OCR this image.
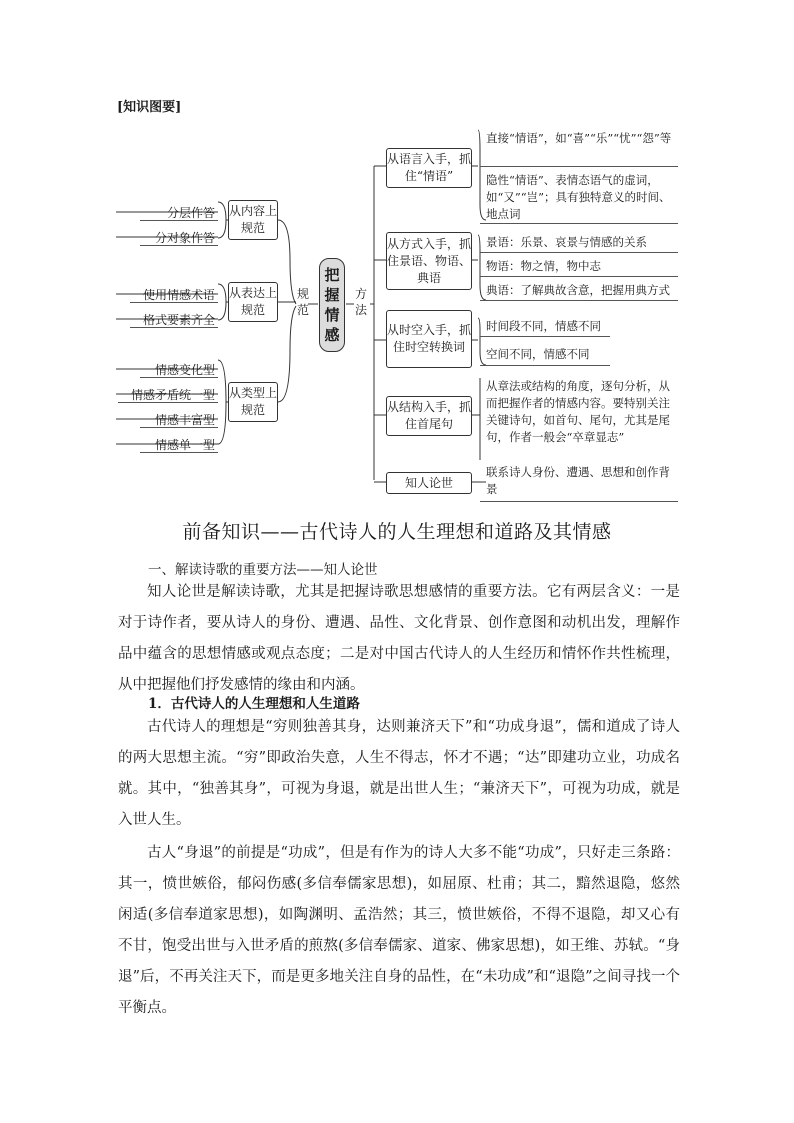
[知识图要]
分层作答
分对象作答
使用情感术语
格式要素齐全
情感变化型
情感矛盾统一型
情感丰富型
情感单一型
从内容上规范
从表达上规范
从类型上规范
规
范
把
握
情
感
方
法
从语言入手，抓住“情语”
从方式入手，抓住景语、物语、典语
从时空入手，抓住时空转换词
从结构入手，抓住首尾句
知人论世
直接“情语”，如“喜”“乐”“忧”“怨”等
隐性“情语”、表情态语气的虚词，如“又”“岂”；具有独特意义的时间、地点词
景语：乐景、哀景与情感的关系
物语：物之情，物中志
典语：了解典故含意，把握用典方式
时间段不同，情感不同
空间不同，情感不同
从章法或结构的角度，逐句分析，从而把握作者的情感内容。要特别关注关键诗句，如首句、尾句，尤其是尾句，作者一般会“卒章显志”
联系诗人身份、遭遇、思想和创作背景
前备知识——古代诗人的人生理想和道路及其情感
一、解读诗歌的重要方法——知人论世
知人论世是解读诗歌，尤其是把握诗歌思想感情的重要方法。它有两层含义：一是对于诗作者，要从诗人的身份、遭遇、品性、文化背景、创作意图和动机出发，理解作品中蕴含的思想情感或观点态度；二是对中国古代诗人的人生经历和情怀作共性梳理，从中把握他们抒发感情的缘由和内涵。
1．古代诗人的人生理想和人生道路
古代诗人的理想是“穷则独善其身，达则兼济天下”和“功成身退”，儒和道成了诗人的两大思想主流。“穷”即政治失意，人生不得志，怀才不遇；“达”即建功立业，功成名就。其中，“独善其身”，可视为身退，就是出世人生；“兼济天下”，可视为功成，就是入世人生。
古人“身退”的前提是“功成”，但是有作为的诗人大多不能“功成”，只好走三条路：其一，愤世嫉俗，郁闷伤感(多信奉儒家思想)，如屈原、杜甫；其二，黯然退隐，悠然闲适(多信奉道家思想)，如陶渊明、孟浩然；其三，愤世嫉俗，不得不退隐，却又心有不甘，饱受出世与入世矛盾的煎熬(多信奉儒家、道家、佛家思想)，如王维、苏轼。“身退”后，不再关注天下，而是更多地关注自身的品性，在“未功成”和“退隐”之间寻找一个平衡点。
